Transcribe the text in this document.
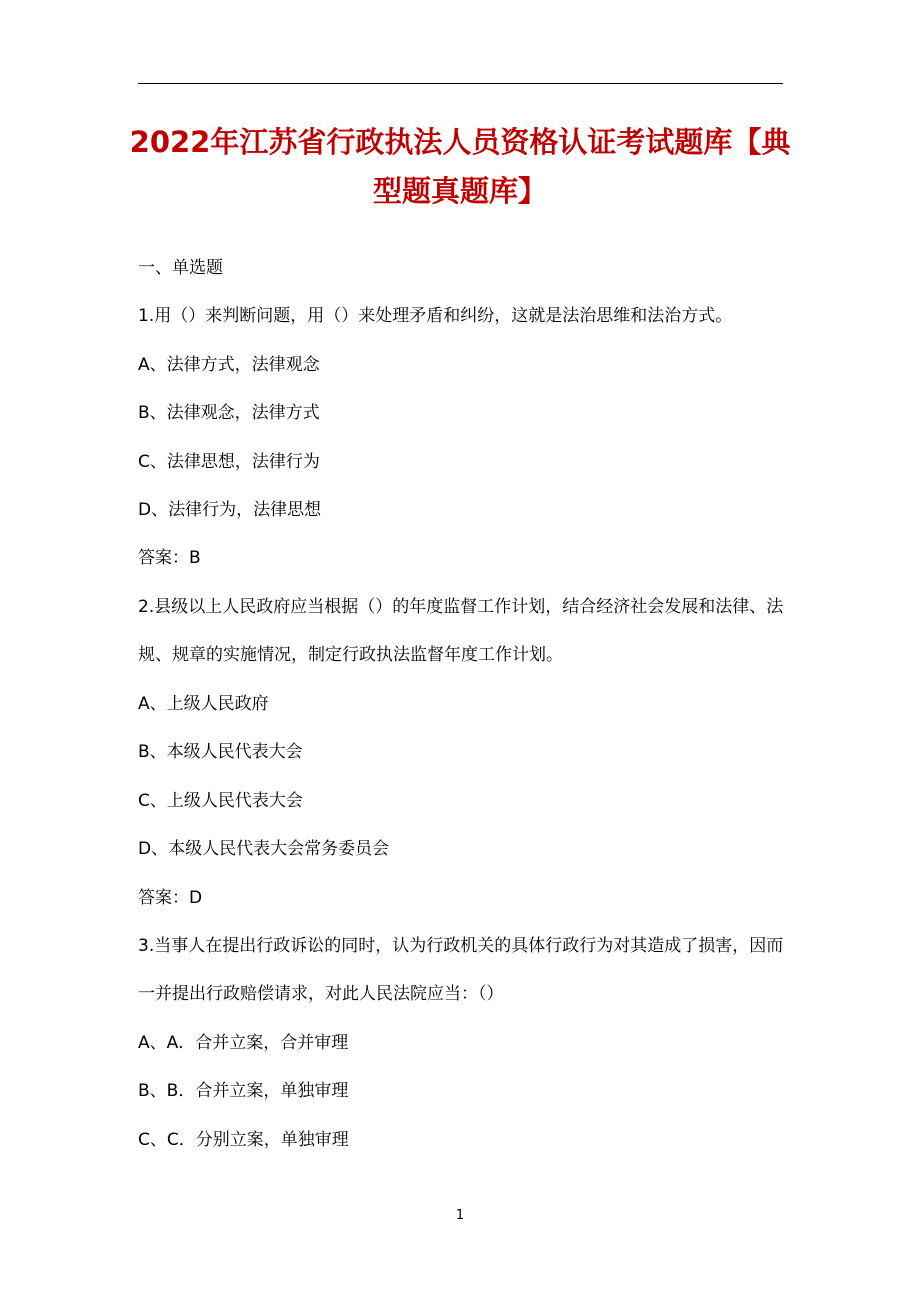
2022年江苏省行政执法人员资格认证考试题库【典型题真题库】
一、单选题
1.用（）来判断问题，用（）来处理矛盾和纠纷，这就是法治思维和法治方式。
A、法律方式，法律观念
B、法律观念，法律方式
C、法律思想，法律行为
D、法律行为，法律思想
答案：B
2.县级以上人民政府应当根据（）的年度监督工作计划，结合经济社会发展和法律、法规、规章的实施情况，制定行政执法监督年度工作计划。
A、上级人民政府
B、本级人民代表大会
C、上级人民代表大会
D、本级人民代表大会常务委员会
答案：D
3.当事人在提出行政诉讼的同时，认为行政机关的具体行政行为对其造成了损害，因而一并提出行政赔偿请求，对此人民法院应当：（）
A、A．合并立案，合并审理
B、B．合并立案，单独审理
C、C．分别立案，单独审理
1
